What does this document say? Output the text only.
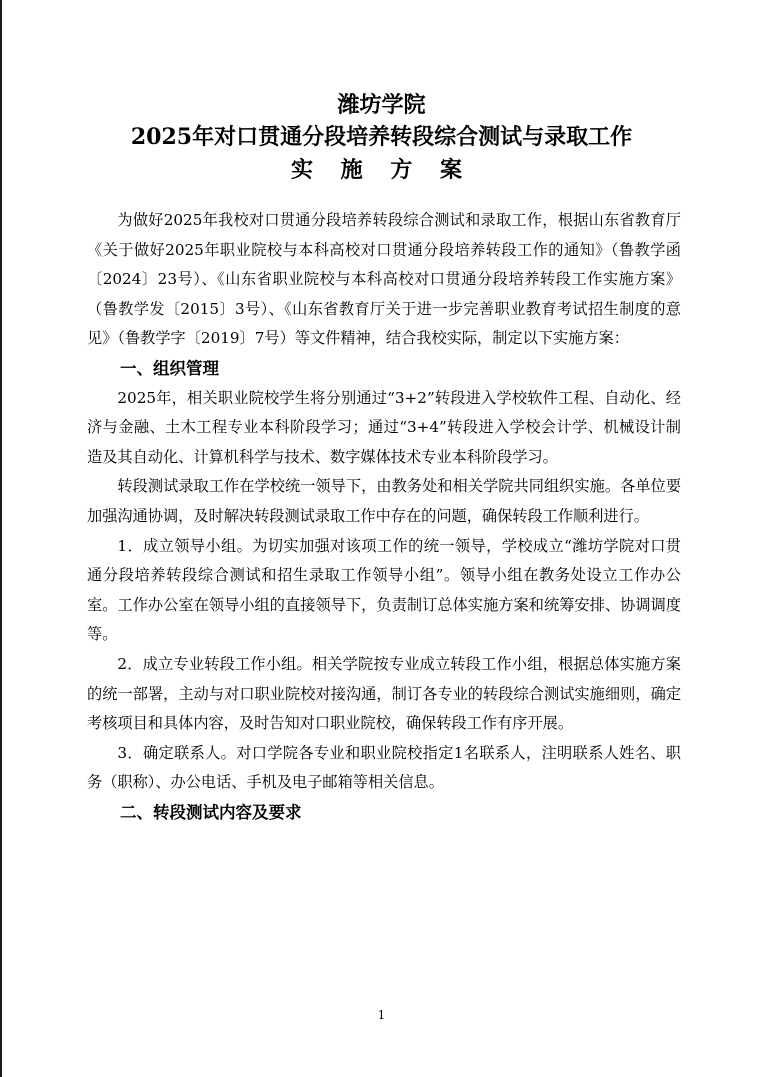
潍坊学院
2025年对口贯通分段培养转段综合测试与录取工作
实 施 方 案

为做好2025年我校对口贯通分段培养转段综合测试和录取工作，根据山东省教育厅《关于做好2025年职业院校与本科高校对口贯通分段培养转段工作的通知》（鲁教学函〔2024〕23号）、《山东省职业院校与本科高校对口贯通分段培养转段工作实施方案》（鲁教学发〔2015〕3号）、《山东省教育厅关于进一步完善职业教育考试招生制度的意见》（鲁教学字〔2019〕7号）等文件精神，结合我校实际，制定以下实施方案：

一、组织管理

2025年，相关职业院校学生将分别通过“3+2”转段进入学校软件工程、自动化、经济与金融、土木工程专业本科阶段学习；通过“3+4”转段进入学校会计学、机械设计制造及其自动化、计算机科学与技术、数字媒体技术专业本科阶段学习。

转段测试录取工作在学校统一领导下，由教务处和相关学院共同组织实施。各单位要加强沟通协调，及时解决转段测试录取工作中存在的问题，确保转段工作顺利进行。

1．成立领导小组。为切实加强对该项工作的统一领导，学校成立“潍坊学院对口贯通分段培养转段综合测试和招生录取工作领导小组”。领导小组在教务处设立工作办公室。工作办公室在领导小组的直接领导下，负责制订总体实施方案和统筹安排、协调调度等。

2．成立专业转段工作小组。相关学院按专业成立转段工作小组，根据总体实施方案的统一部署，主动与对口职业院校对接沟通，制订各专业的转段综合测试实施细则，确定考核项目和具体内容，及时告知对口职业院校，确保转段工作有序开展。

3．确定联系人。对口学院各专业和职业院校指定1名联系人，注明联系人姓名、职务（职称）、办公电话、手机及电子邮箱等相关信息。

二、转段测试内容及要求
1
